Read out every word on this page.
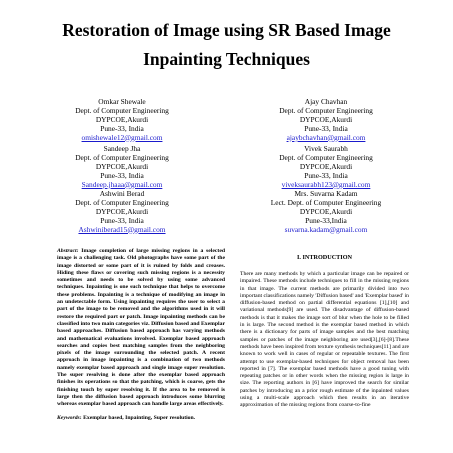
Restoration of Image using SR Based Image Inpainting Techniques
Omkar Shewale
Dept. of Computer Engineering
DYPCOE,Akurdi
Pune-33, India
omishewale12@gmail.com
Ajay Chavhan
Dept. of Computer Engineering
DYPCOE,Akurdi
Pune-33, India
ajaybchavhan@gmail.com
Sandeep Jha
Dept. of Computer Engineering
DYPCOE,Akurdi
Pune-33, India
Sandeep.jhaaa@gmail.com
Vivek Saurabh
Dept. of Computer Engineering
DYPCOE,Akurdi
Pune-33, India
viveksaurabh123@gmail.com
Ashwini Berad
Dept. of Computer Engineering
DYPCOE,Akurdi
Pune-33, India
Ashwiniberad15@gmail.com
Mrs. Suvarna Kadam
Lect. Dept. of Computer Engineering
DYPCOE,Akurdi
Pune-33,India
suvarna.kadam@gmail.com

Abstract: Image completion of large missing regions in a selected image is a challenging task. Old photographs have some part of the image distorted or some part of it is ruined by folds and creases. Hiding these flaws or covering such missing regions is a necessity sometimes and needs to be solved by using some advanced techniques. Inpainting is one such technique that helps to overcome these problems. Inpainting is a technique of modifying an image in an undetectable form. Using inpainting requires the user to select a part of the image to be removed and the algorithms used in it will restore the required part or patch. Image inpainting methods can be classified into two main categories viz. Diffusion based and Exemplar based approaches. Diffusion based approach has varying methods and mathematical evaluations involved. Exemplar based approach searches and copies best matching samples from the neighboring pixels of the image surrounding the selected patch. A recent approach in image inpainting is a combination of two methods namely exemplar based approach and single image super resolution. The super resolving is done after the exemplar based approach finishes its operations so that the patching, which is coarse, gets the finishing touch by super resolving it. If the area to be removed is large then the diffusion based approach introduces some blurring whereas exemplar based approach can handle large areas effectively.

Keywords: Exemplar based, Inpainting, Super resolution.

I. INTRODUCTION

There are many methods by which a particular image can be repaired or impaired. These methods include techniques to fill in the missing regions in that image. The current methods are primarily divided into two important classifications namely 'Diffusion based' and 'Exemplar based' in diffusion-based method on partial differential equations [1],[10] and variational methods[9] are used. The disadvantage of diffusion-based methods is that it makes the image sort of blur when the hole to be filled in is large. The second method is the exemplar based method in which there is a dictionary for parts of image samples and the best matching samples or patches of the image neighboring are used[3],[6]-[8].These methods have been inspired from texture synthesis techniques[11] and are known to work well in cases of regular or repeatable textures. The first attempt to use exemplar-based techniques for object removal has been reported in [7]. The exemplar based methods have a good tuning with repeating patches or in other words when the missing region is large in size. The reporting authors in [6] have improved the search for similar patches by introducing an a prior rough estimate of the inpainted values using a multi-scale approach which then results in an iterative approximation of the missing regions from coarse-to-fine
